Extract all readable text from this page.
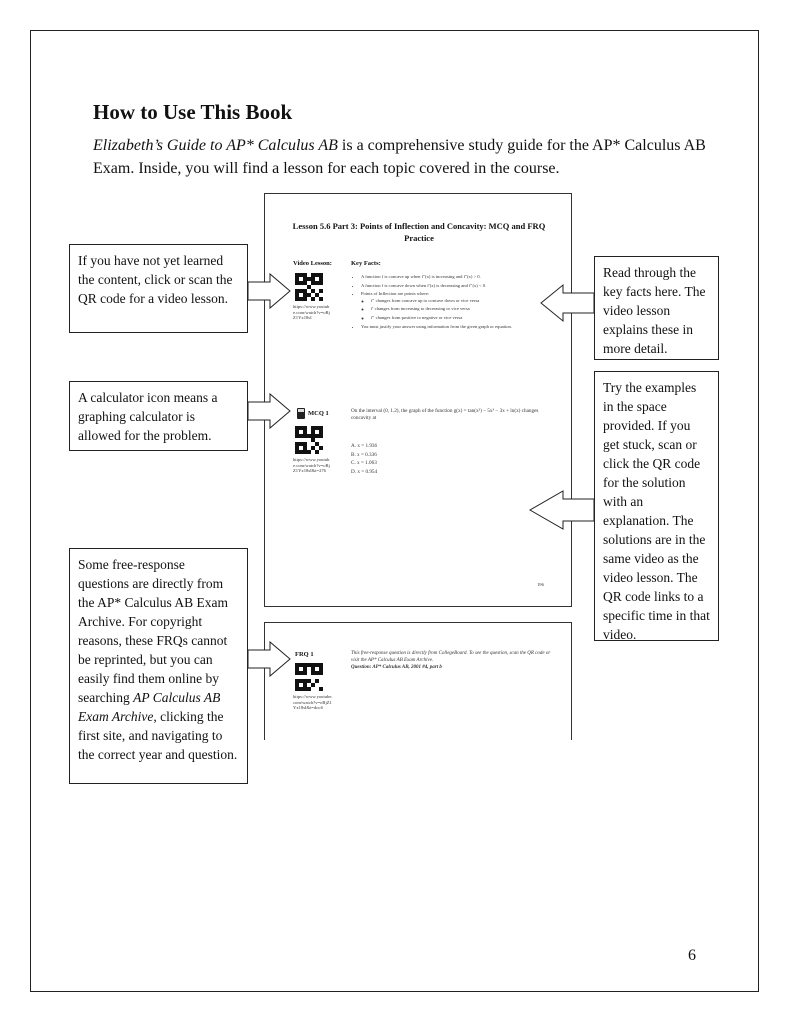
How to Use This Book
Elizabeth’s Guide to AP* Calculus AB is a comprehensive study guide for the AP* Calculus AB Exam. Inside, you will find a lesson for each topic covered in the course.
Lesson 5.6 Part 3: Points of Inflection and Concavity: MCQ and FRQ Practice
Video Lesson:
https://www.youtube.com/watch?v=oRjZ1Yx18sI
Key Facts:
• A function f is concave up when f″(x) is increasing and f″(x) > 0.
• A function f is concave down when f′(x) is decreasing and f″(x) < 0.
• Points of Inflection are points where:
◦ f″ changes from concave up to concave down or vice versa
◦ f′ changes from increasing to decreasing or vice versa
◦ f″ changes from positive to negative or vice versa
• You must justify your answer using information from the given graph or equation.
MCQ 1
https://www.youtube.com/watch?v=oRjZ1Yx18sI&t=276
On the interval (0, 1.2), the graph of the function g(x) = tan(x²) − 5x³ − 3x + ln(x) changes concavity at
A. x = 1.936
B. x = 0.336
C. x = 1.063
D. x = 0.954
196
FRQ 1
https://www.youtube.com/watch?v=oRjZ1Yx18sI&t=doc6
This free-response question is directly from CollegeBoard. To see the question, scan the QR code or visit the AP* Calculus AB Exam Archive.
Question: AP* Calculus AB, 2001 #4, part b
If you have not yet learned the content, click or scan the QR code for a video lesson.
A calculator icon means a graphing calculator is allowed for the problem.
Some free-response questions are directly from the AP* Calculus AB Exam Archive. For copyright reasons, these FRQs cannot be reprinted, but you can easily find them online by searching AP Calculus AB Exam Archive, clicking the first site, and navigating to the correct year and question.
Read through the key facts here. The video lesson explains these in more detail.
Try the examples in the space provided. If you get stuck, scan or click the QR code for the solution with an explanation. The solutions are in the same video as the video lesson. The QR code links to a specific time in that video.
6
